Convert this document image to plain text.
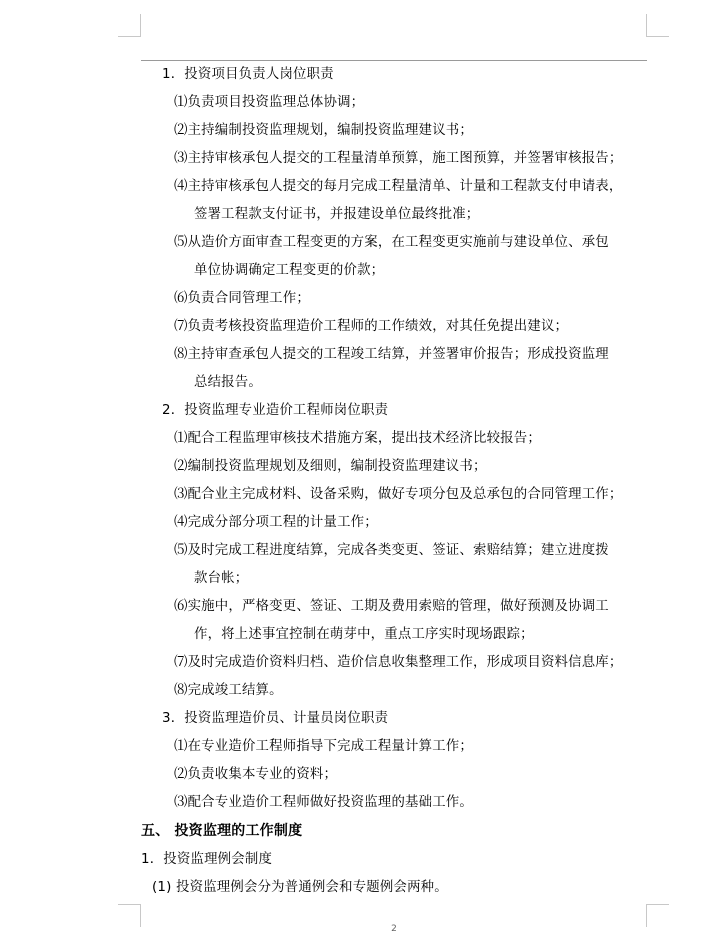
1．投资项目负责人岗位职责
⑴负责项目投资监理总体协调；
⑵主持编制投资监理规划，编制投资监理建议书；
⑶主持审核承包人提交的工程量清单预算，施工图预算，并签署审核报告；
⑷主持审核承包人提交的每月完成工程量清单、计量和工程款支付申请表，
签署工程款支付证书，并报建设单位最终批准；
⑸从造价方面审查工程变更的方案，在工程变更实施前与建设单位、承包
单位协调确定工程变更的价款；
⑹负责合同管理工作；
⑺负责考核投资监理造价工程师的工作绩效，对其任免提出建议；
⑻主持审查承包人提交的工程竣工结算，并签署审价报告；形成投资监理
总结报告。
2．投资监理专业造价工程师岗位职责
⑴配合工程监理审核技术措施方案，提出技术经济比较报告；
⑵编制投资监理规划及细则，编制投资监理建议书；
⑶配合业主完成材料、设备采购，做好专项分包及总承包的合同管理工作；
⑷完成分部分项工程的计量工作；
⑸及时完成工程进度结算，完成各类变更、签证、索赔结算；建立进度拨
款台帐；
⑹实施中，严格变更、签证、工期及费用索赔的管理，做好预测及协调工
作，将上述事宜控制在萌芽中，重点工序实时现场跟踪；
⑺及时完成造价资料归档、造价信息收集整理工作，形成项目资料信息库；
⑻完成竣工结算。
3．投资监理造价员、计量员岗位职责
⑴在专业造价工程师指导下完成工程量计算工作；
⑵负责收集本专业的资料；
⑶配合专业造价工程师做好投资监理的基础工作。
五、 投资监理的工作制度
1．投资监理例会制度
(1) 投资监理例会分为普通例会和专题例会两种。
2
